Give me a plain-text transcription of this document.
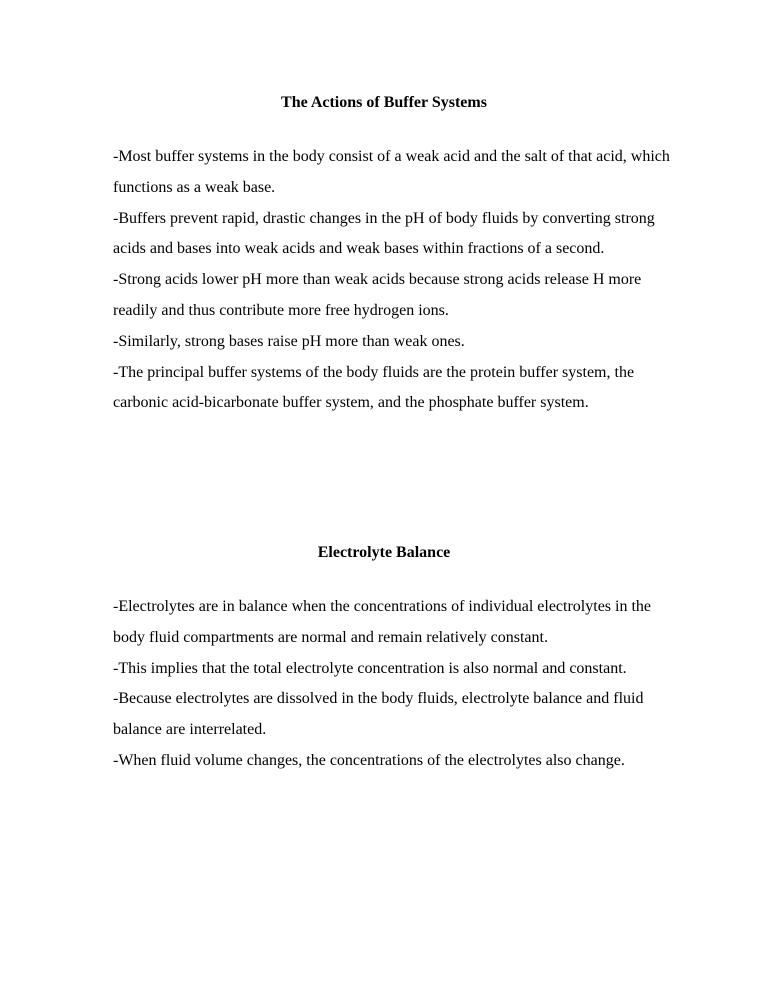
The Actions of Buffer Systems

-Most buffer systems in the body consist of a weak acid and the salt of that acid, which functions as a weak base.

-Buffers prevent rapid, drastic changes in the pH of body fluids by converting strong acids and bases into weak acids and weak bases within fractions of a second.

-Strong acids lower pH more than weak acids because strong acids release H more readily and thus contribute more free hydrogen ions.

-Similarly, strong bases raise pH more than weak ones.

-The principal buffer systems of the body fluids are the protein buffer system, the carbonic acid-bicarbonate buffer system, and the phosphate buffer system.

Electrolyte Balance

-Electrolytes are in balance when the concentrations of individual electrolytes in the body fluid compartments are normal and remain relatively constant.

-This implies that the total electrolyte concentration is also normal and constant.

-Because electrolytes are dissolved in the body fluids, electrolyte balance and fluid balance are interrelated.

-When fluid volume changes, the concentrations of the electrolytes also change.
